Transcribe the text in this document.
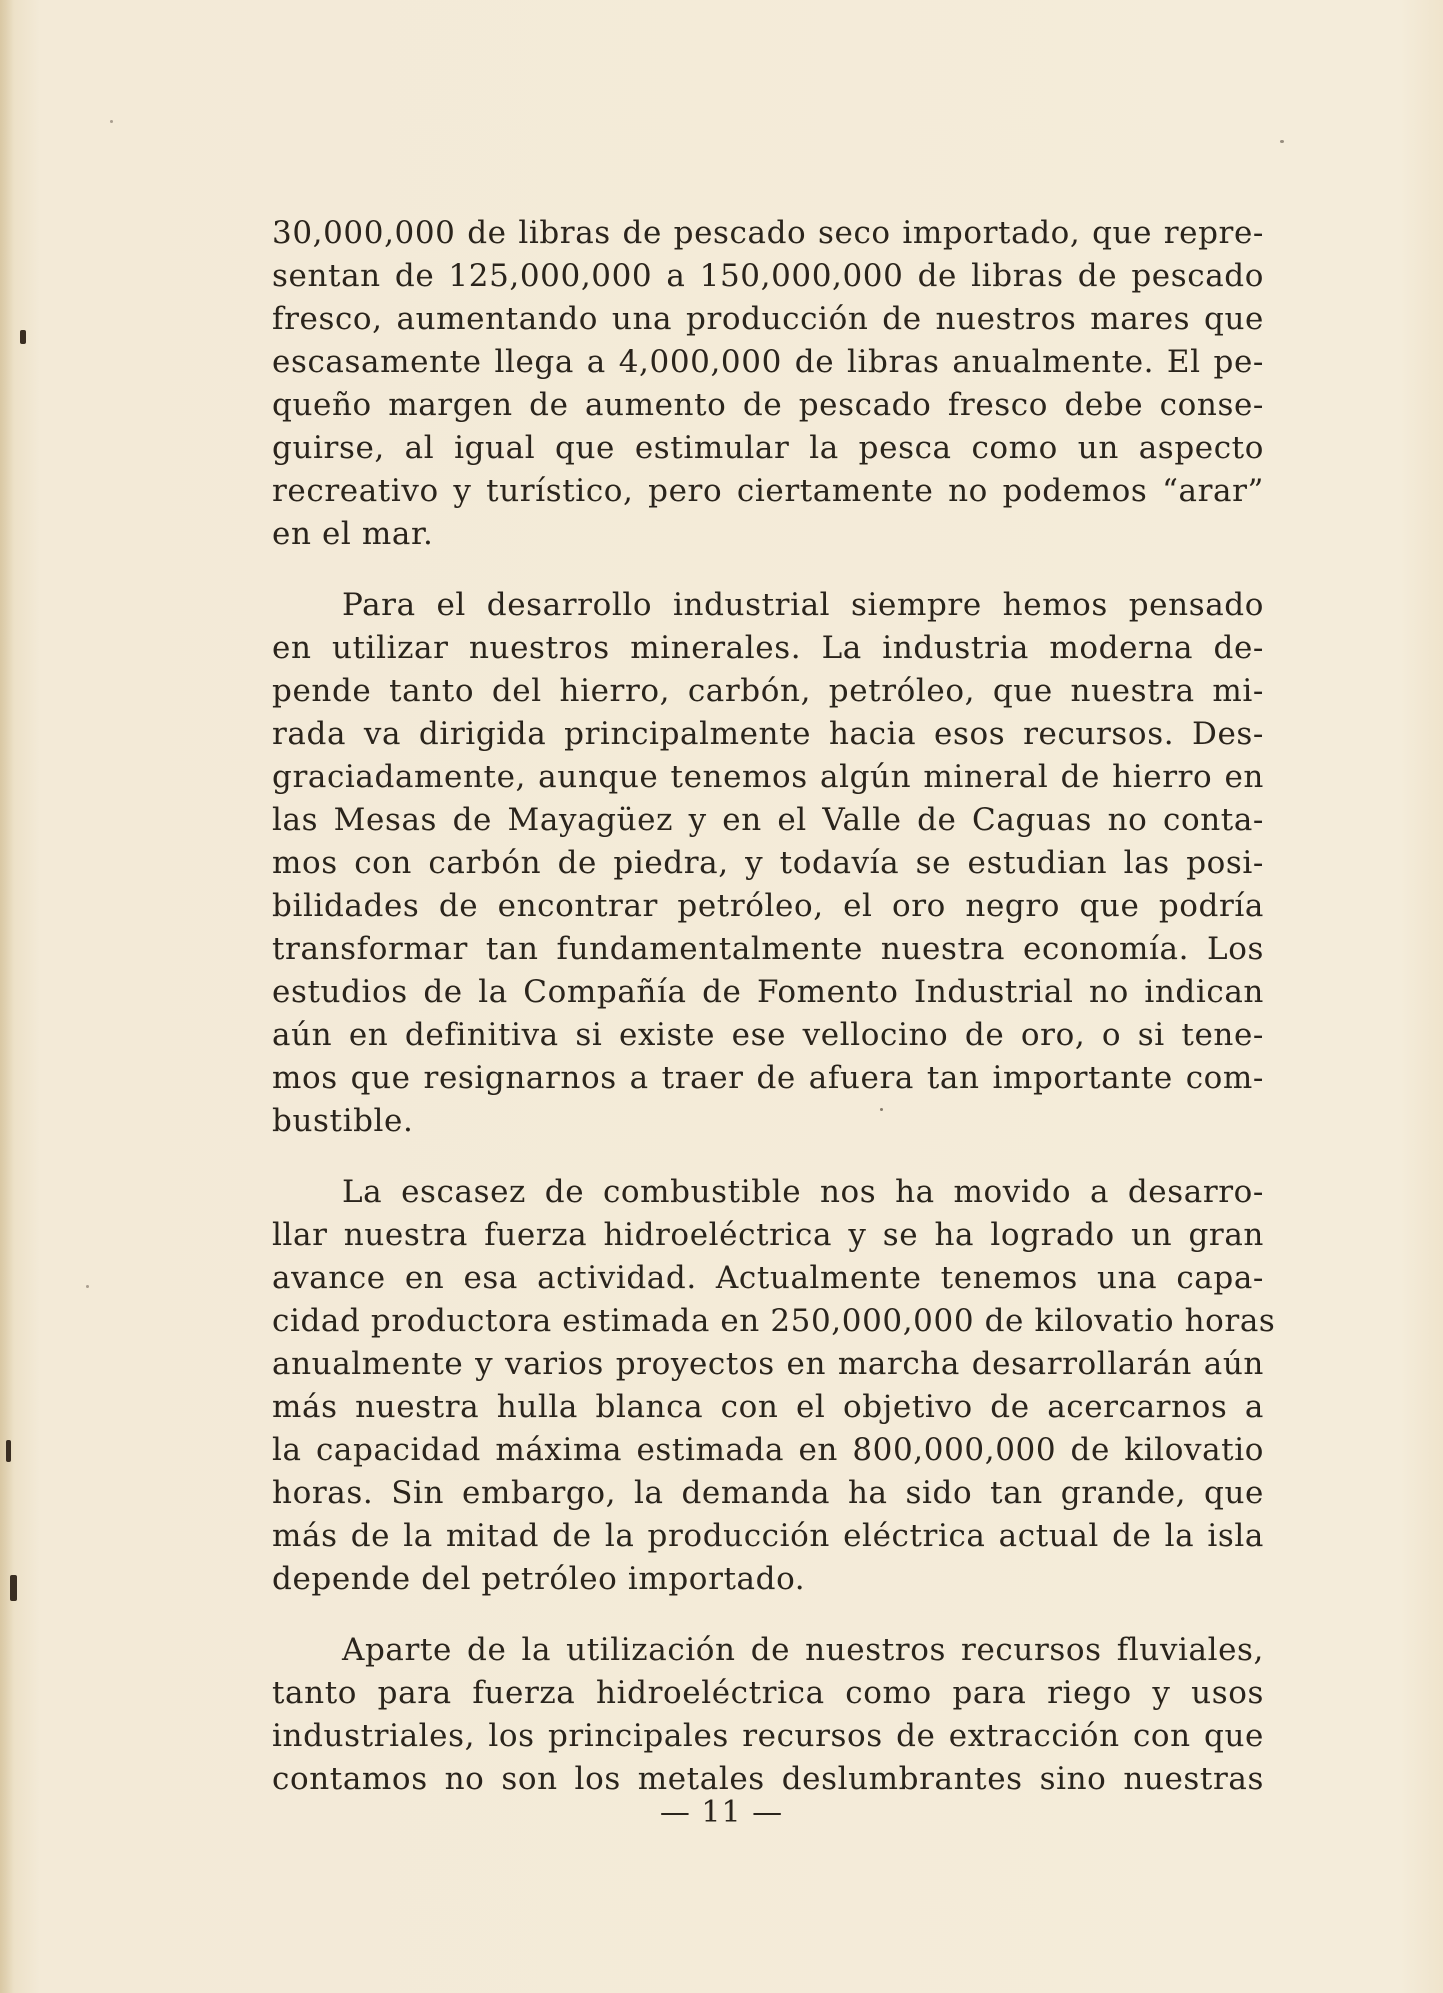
30,000,000 de libras de pescado seco importado, que repre-
sentan de 125,000,000 a 150,000,000 de libras de pescado
fresco, aumentando una producción de nuestros mares que
escasamente llega a 4,000,000 de libras anualmente. El pe-
queño margen de aumento de pescado fresco debe conse-
guirse, al igual que estimular la pesca como un aspecto
recreativo y turístico, pero ciertamente no podemos “arar”
en el mar.
Para el desarrollo industrial siempre hemos pensado
en utilizar nuestros minerales. La industria moderna de-
pende tanto del hierro, carbón, petróleo, que nuestra mi-
rada va dirigida principalmente hacia esos recursos. Des-
graciadamente, aunque tenemos algún mineral de hierro en
las Mesas de Mayagüez y en el Valle de Caguas no conta-
mos con carbón de piedra, y todavía se estudian las posi-
bilidades de encontrar petróleo, el oro negro que podría
transformar tan fundamentalmente nuestra economía. Los
estudios de la Compañía de Fomento Industrial no indican
aún en definitiva si existe ese vellocino de oro, o si tene-
mos que resignarnos a traer de afuera tan importante com-
bustible.
La escasez de combustible nos ha movido a desarro-
llar nuestra fuerza hidroeléctrica y se ha logrado un gran
avance en esa actividad. Actualmente tenemos una capa-
cidad productora estimada en 250,000,000 de kilovatio horas
anualmente y varios proyectos en marcha desarrollarán aún
más nuestra hulla blanca con el objetivo de acercarnos a
la capacidad máxima estimada en 800,000,000 de kilovatio
horas. Sin embargo, la demanda ha sido tan grande, que
más de la mitad de la producción eléctrica actual de la isla
depende del petróleo importado.
Aparte de la utilización de nuestros recursos fluviales,
tanto para fuerza hidroeléctrica como para riego y usos
industriales, los principales recursos de extracción con que
contamos no son los metales deslumbrantes sino nuestras
— 11 —
